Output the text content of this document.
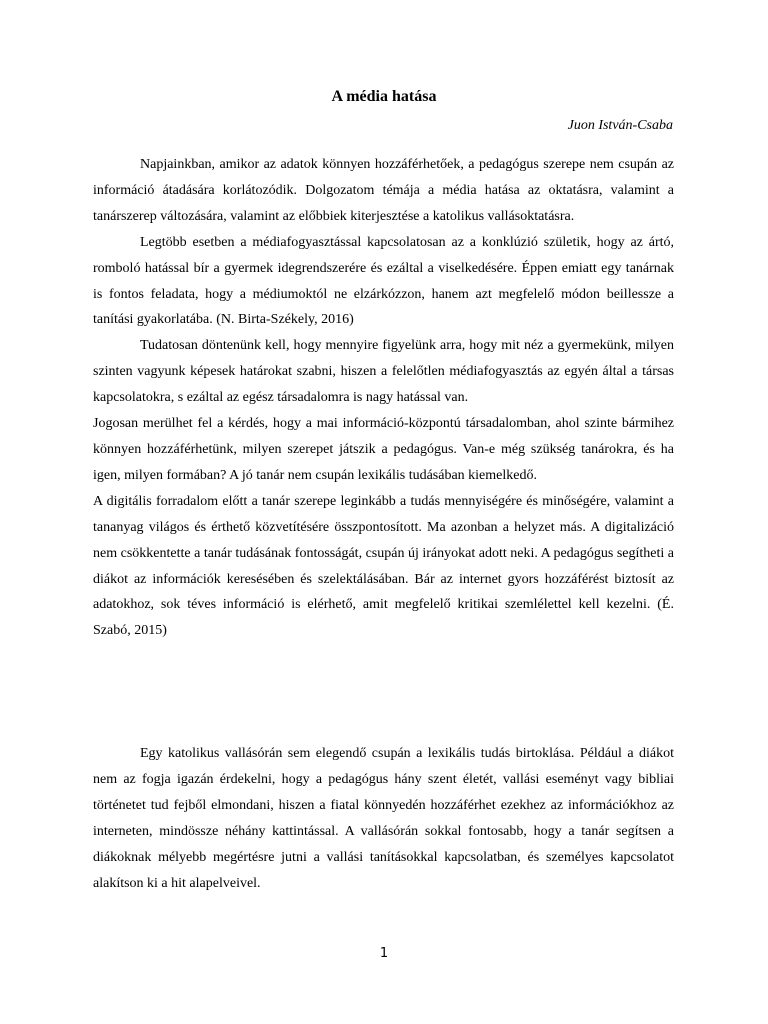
A média hatása
Juon István-Csaba

Napjainkban, amikor az adatok könnyen hozzáférhetőek, a pedagógus szerepe nem csupán az információ átadására korlátozódik. Dolgozatom témája a média hatása az oktatásra, valamint a tanárszerep változására, valamint az előbbiek kiterjesztése a katolikus vallásoktatásra.

Legtöbb esetben a médiafogyasztással kapcsolatosan az a konklúzió születik, hogy az ártó, romboló hatással bír a gyermek idegrendszerére és ezáltal a viselkedésére. Éppen emiatt egy tanárnak is fontos feladata, hogy a médiumoktól ne elzárkózzon, hanem azt megfelelő módon beillessze a tanítási gyakorlatába. (N. Birta-Székely, 2016)

Tudatosan döntenünk kell, hogy mennyire figyelünk arra, hogy mit néz a gyermekünk, milyen szinten vagyunk képesek határokat szabni, hiszen a felelőtlen médiafogyasztás az egyén által a társas kapcsolatokra, s ezáltal az egész társadalomra is nagy hatással van.

Jogosan merülhet fel a kérdés, hogy a mai információ-központú társadalomban, ahol szinte bármihez könnyen hozzáférhetünk, milyen szerepet játszik a pedagógus. Van-e még szükség tanárokra, és ha igen, milyen formában? A jó tanár nem csupán lexikális tudásában kiemelkedő.

A digitális forradalom előtt a tanár szerepe leginkább a tudás mennyiségére és minőségére, valamint a tananyag világos és érthető közvetítésére összpontosított. Ma azonban a helyzet más. A digitalizáció nem csökkentette a tanár tudásának fontosságát, csupán új irányokat adott neki. A pedagógus segítheti a diákot az információk keresésében és szelektálásában. Bár az internet gyors hozzáférést biztosít az adatokhoz, sok téves információ is elérhető, amit megfelelő kritikai szemlélettel kell kezelni. (É. Szabó, 2015)

Egy katolikus vallásórán sem elegendő csupán a lexikális tudás birtoklása. Például a diákot nem az fogja igazán érdekelni, hogy a pedagógus hány szent életét, vallási eseményt vagy bibliai történetet tud fejből elmondani, hiszen a fiatal könnyedén hozzáférhet ezekhez az információkhoz az interneten, mindössze néhány kattintással. A vallásórán sokkal fontosabb, hogy a tanár segítsen a diákoknak mélyebb megértésre jutni a vallási tanításokkal kapcsolatban, és személyes kapcsolatot alakítson ki a hit alapelveivel.

1
